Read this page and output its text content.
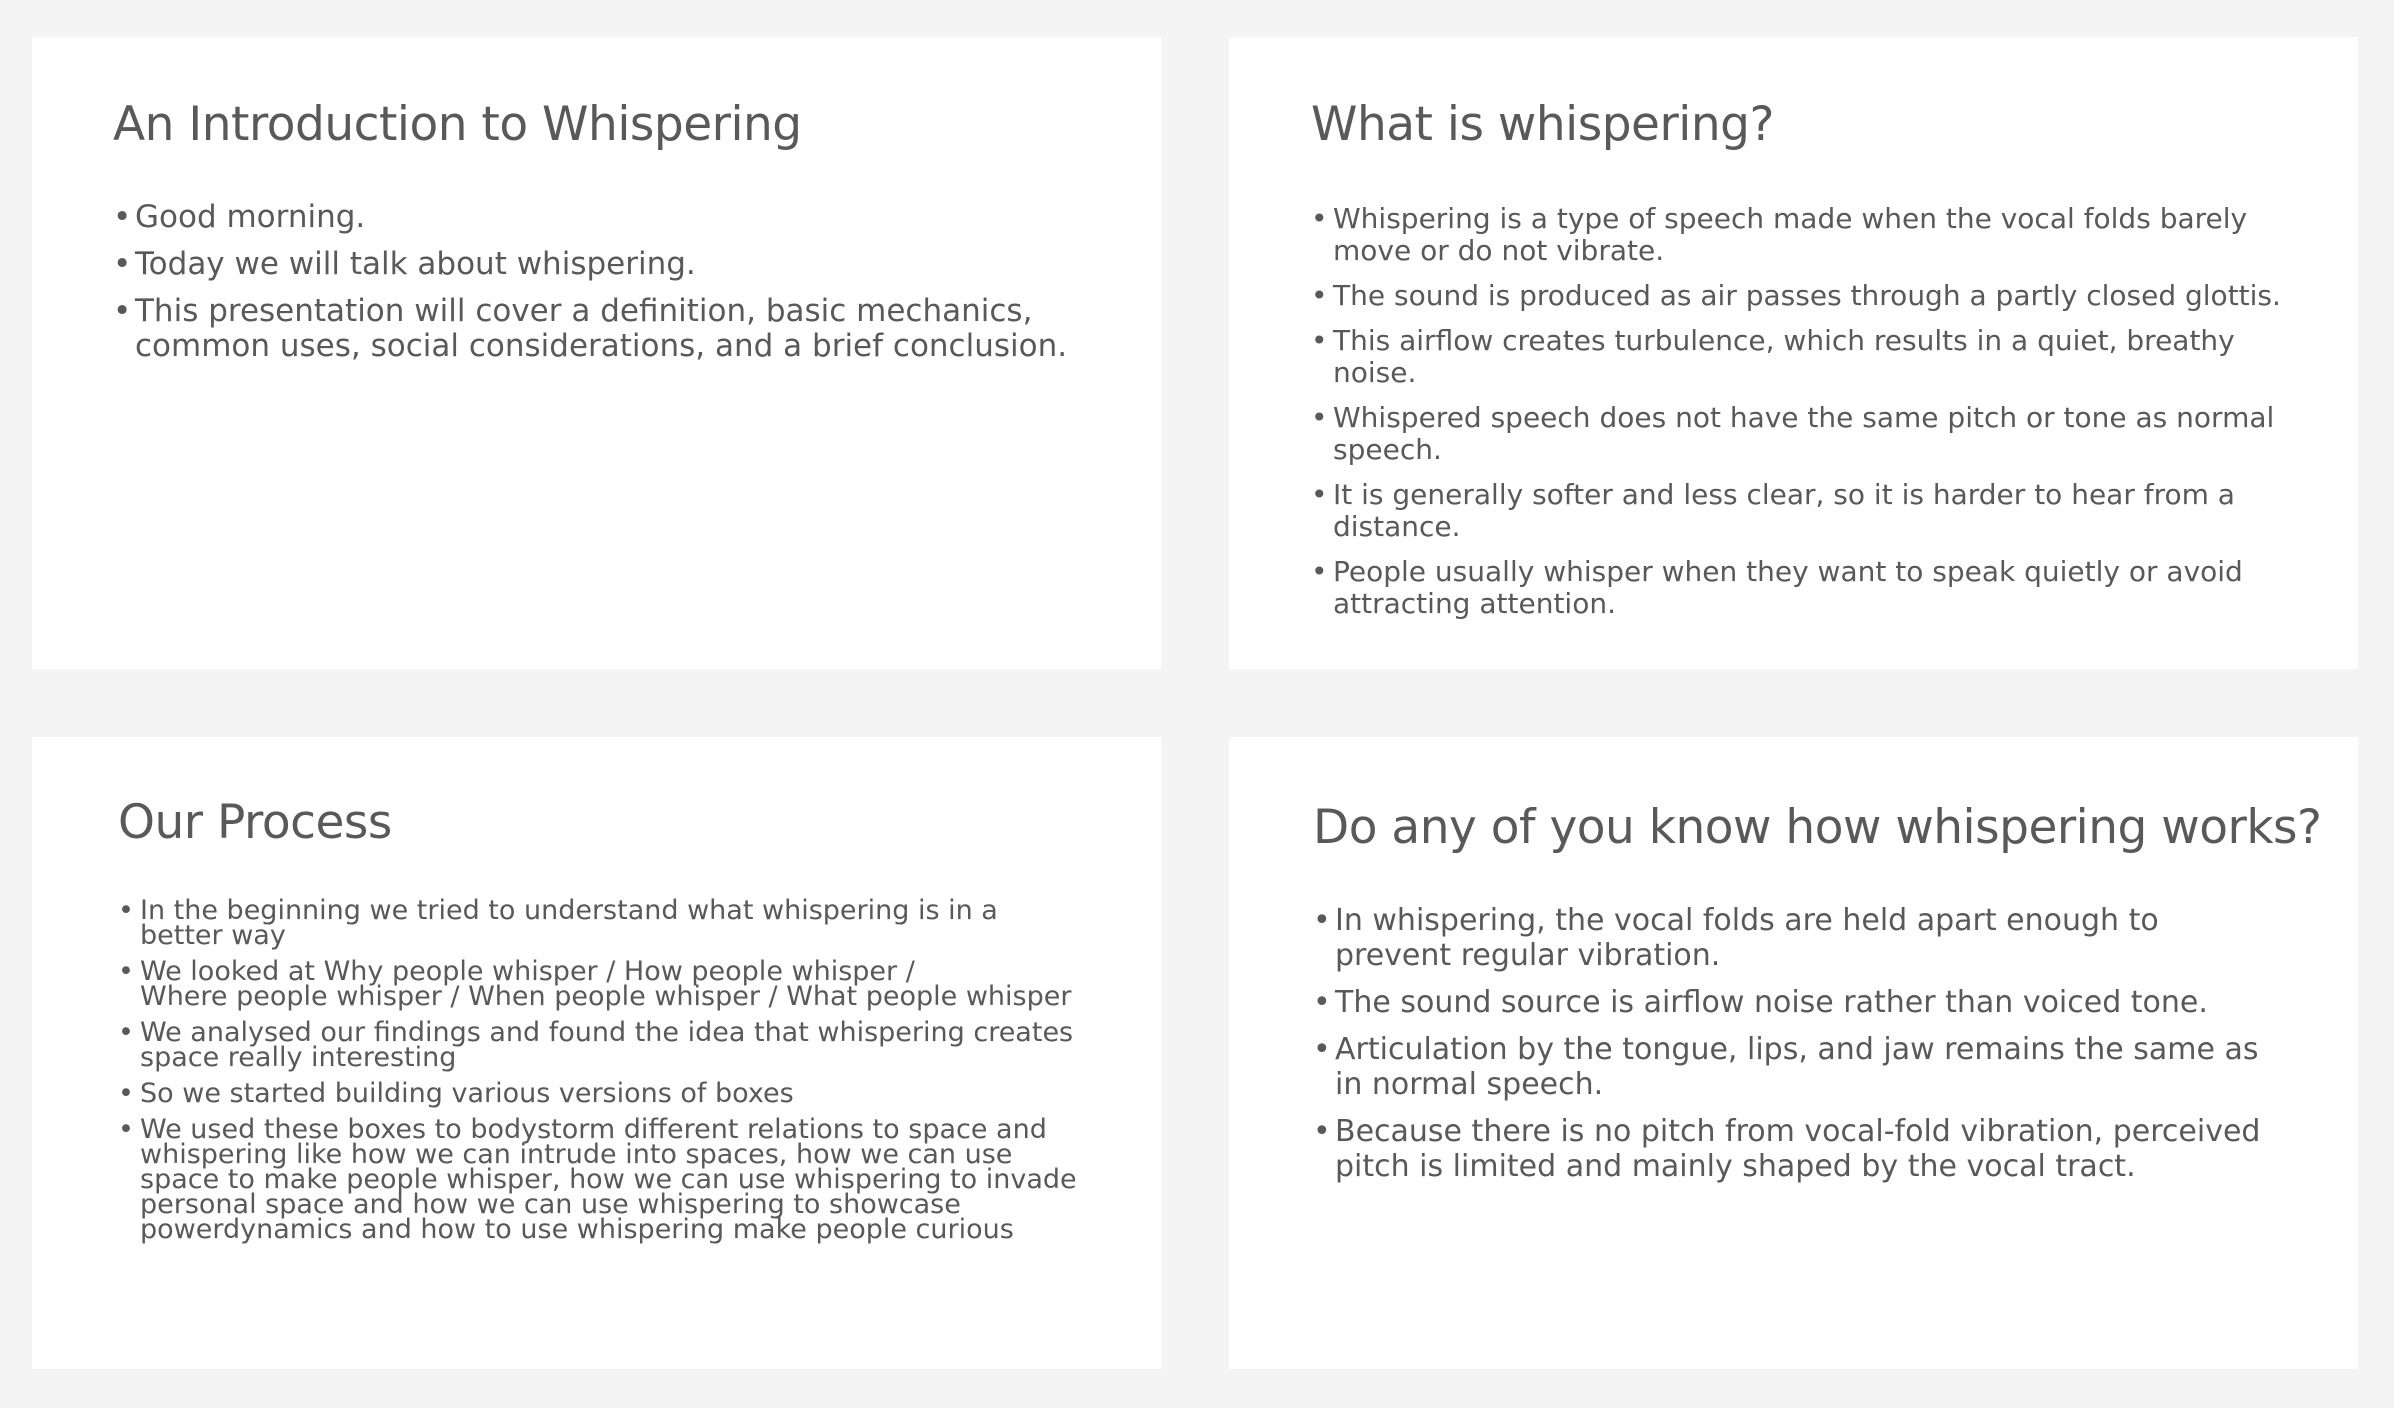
An Introduction to Whispering
• Good morning.
• Today we will talk about whispering.
• This presentation will cover a definition, basic mechanics, common uses, social considerations, and a brief conclusion.
What is whispering?
• Whispering is a type of speech made when the vocal folds barely move or do not vibrate.
• The sound is produced as air passes through a partly closed glottis.
• This airflow creates turbulence, which results in a quiet, breathy noise.
• Whispered speech does not have the same pitch or tone as normal speech.
• It is generally softer and less clear, so it is harder to hear from a distance.
• People usually whisper when they want to speak quietly or avoid attracting attention.
Our Process
• In the beginning we tried to understand what whispering is in a better way
• We looked at Why people whisper / How people whisper /
Where people whisper / When people whisper / What people whisper
• We analysed our findings and found the idea that whispering creates space really interesting
• So we started building various versions of boxes
• We used these boxes to bodystorm different relations to space and whispering like how we can intrude into spaces, how we can use space to make people whisper, how we can use whispering to invade personal space and how we can use whispering to showcase powerdynamics and how to use whispering make people curious
Do any of you know how whispering works?
• In whispering, the vocal folds are held apart enough to prevent regular vibration.
• The sound source is airflow noise rather than voiced tone.
• Articulation by the tongue, lips, and jaw remains the same as in normal speech.
• Because there is no pitch from vocal-fold vibration, perceived pitch is limited and mainly shaped by the vocal tract.
